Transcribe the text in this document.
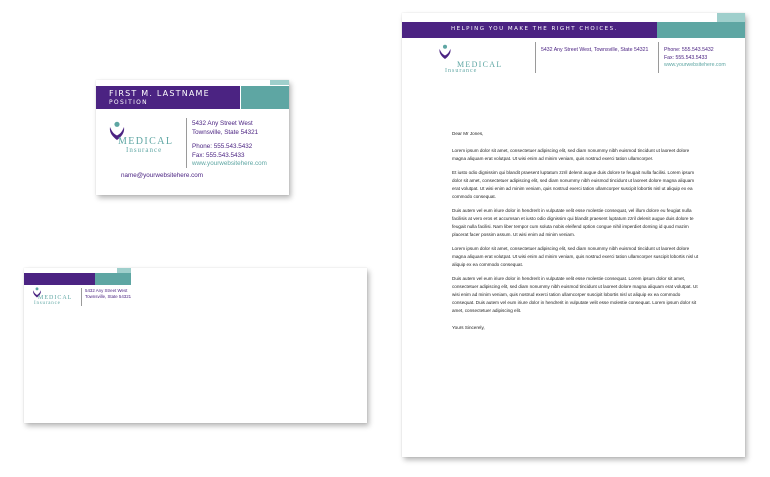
FIRST M. LASTNAME
POSITION
MEDICAL
Insurance
5432 Any Street West
Townsville, State 54321
Phone: 555.543.5432
Fax: 555.543.5433
www.yourwebsitehere.com
name@yourwebsitehere.com
MEDICAL
Insurance
5432 Any Street West
Townsville, State 54321
HELPING YOU MAKE THE RIGHT CHOICES.
MEDICAL
Insurance
5432 Any Street West, Townsville, State 54321	Phone: 555.543.5432
Fax: 555.543.5433
www.yourwebsitehere.com

Dear Mr Jones,

Lorem ipsum dolor sit amet, consectetuer adipiscing elit, sed diam nonummy nibh euismod tincidunt ut laoreet dolore magna aliquam erat volutpat. Ut wisi enim ad minim veniam, quis nostrud exerci tation ullamcorper.

Et iusto odio dignissim qui blandit praesent luptatum zzril delenit augue duis dolore te feugait nulla facilisi. Lorem ipsum dolor sit amet, consectetuer adipiscing elit, sed diam nonummy nibh euismod tincidunt ut laoreet dolore magna aliquam erat volutpat. Ut wisi enim ad minim veniam, quis nostrud exerci tation ullamcorper suscipit lobortis nisl ut aliquip ex ea commodo consequat.

Duis autem vel eum iriure dolor in hendrerit in vulputate velit esse molestie consequat, vel illum dolore eu feugiat nulla facilisis at vero eros et accumsan et iusto odio dignissim qui blandit praesent luptatum zzril delenit augue duis dolore te feugait nulla facilisi. Nam liber tempor cum soluta nobis eleifend option congue nihil imperdiet doming id quod mazim placerat facer possim assum. Ut wisi enim ad minim veniam.

Lorem ipsum dolor sit amet, consectetuer adipiscing elit, sed diam nonummy nibh euismod tincidunt ut laoreet dolore magna aliquam erat volutpat. Ut wisi enim ad minim veniam, quis nostrud exerci tation ullamcorper suscipit lobortis nisl ut aliquip ex ea commodo consequat.

Duis autem vel eum iriure dolor in hendrerit in vulputate velit esse molestie consequat. Lorem ipsum dolor sit amet, consectetuer adipiscing elit, sed diam nonummy nibh euismod tincidunt ut laoreet dolore magna aliquam erat volutpat. Ut wisi enim ad minim veniam, quis nostrud exerci tation ullamcorper suscipit lobortis nisl ut aliquip ex ea commodo consequat. Duis autem vel eum iriure dolor in hendrerit in vulputate velit esse molestie consequat. Lorem ipsum dolor sit amet, consectetuer adipiscing elit.

Yours Sincerely,
